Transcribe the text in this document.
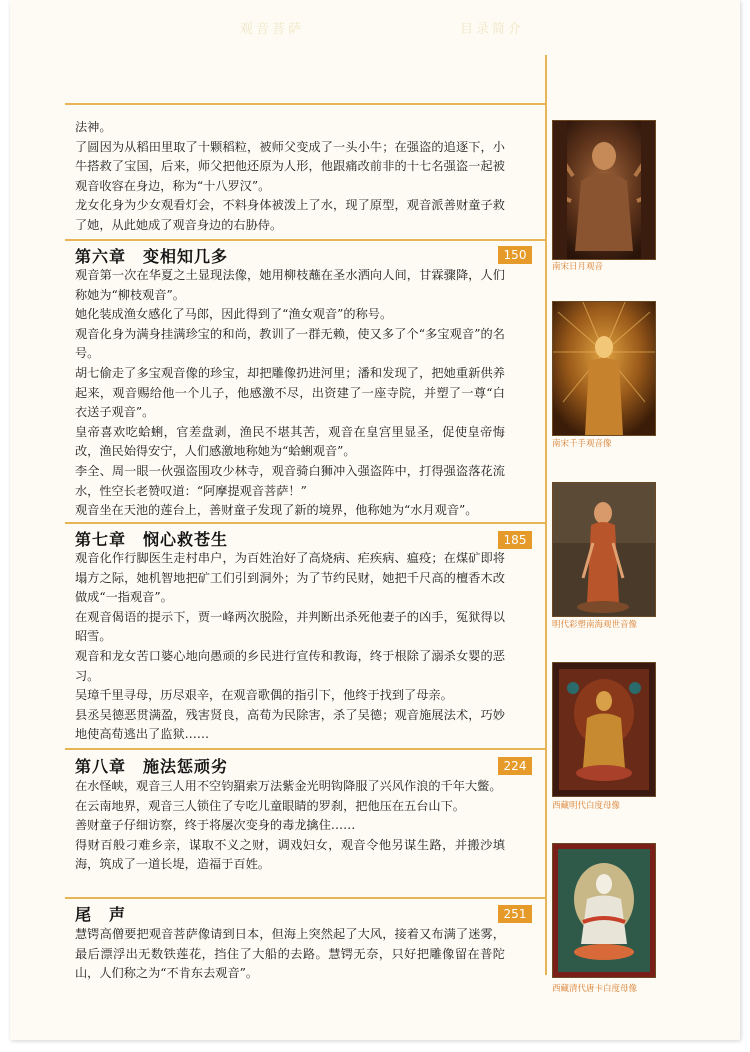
观音菩萨	目录简介

法神。

了圆因为从稻田里取了十颗稻粒，被师父变成了一头小牛；在强盗的追逐下，小牛搭救了宝国，后来，师父把他还原为人形，他跟痛改前非的十七名强盗一起被观音收容在身边，称为“十八罗汉”。

龙女化身为少女观看灯会，不料身体被泼上了水，现了原型，观音派善财童子救了她，从此她成了观音身边的右胁侍。

第六章　变相知几多	150

观音第一次在华夏之土显现法像，她用柳枝蘸在圣水洒向人间，甘霖骤降，人们称她为“柳枝观音”。

她化装成渔女感化了马郎，因此得到了“渔女观音”的称号。

观音化身为满身挂满珍宝的和尚，教训了一群无赖，使又多了个“多宝观音”的名号。

胡七偷走了多宝观音像的珍宝，却把雕像扔进河里；潘和发现了，把她重新供养起来，观音赐给他一个儿子，他感激不尽，出资建了一座寺院，并塑了一尊“白衣送子观音”。

皇帝喜欢吃蛤蜊，官差盘剥，渔民不堪其苦，观音在皇宫里显圣，促使皇帝悔改，渔民始得安宁，人们感激地称她为“蛤蜊观音”。

李全、周一眼一伙强盗围攻少林寺，观音骑白狮冲入强盗阵中，打得强盗落花流水，性空长老赞叹道：“阿摩提观音菩萨！”

观音坐在天池的莲台上，善财童子发现了新的境界，他称她为“水月观音”。

第七章　悯心救苍生	185

观音化作行脚医生走村串户，为百姓治好了高烧病、疟疾病、瘟疫；在煤矿即将塌方之际，她机智地把矿工们引到洞外；为了节约民财，她把千尺高的檀香木改做成“一指观音”。

在观音偈语的提示下，贾一峰两次脱险，并判断出杀死他妻子的凶手，冤狱得以昭雪。

观音和龙女苦口婆心地向愚顽的乡民进行宣传和教诲，终于根除了溺杀女婴的恶习。

吴璋千里寻母，历尽艰辛，在观音歌偶的指引下，他终于找到了母亲。

县丞吴德恶贯满盈，残害贤良，高荀为民除害，杀了吴德；观音施展法术，巧妙地使高荀逃出了监狱……

第八章　施法惩顽劣	224

在水怪峡，观音三人用不空钧羂索万法紫金光明钩降服了兴风作浪的千年大鳖。

在云南地界，观音三人锁住了专吃儿童眼睛的罗刹，把他压在五台山下。

善财童子仔细访察，终于将屡次变身的毒龙擒住……

得财百般刁难乡亲，谋取不义之财，调戏妇女，观音令他另谋生路，并搬沙填海，筑成了一道长堤，造福于百姓。

尾　声	251

慧锷高僧要把观音菩萨像请到日本，但海上突然起了大风，接着又布满了迷雾，最后漂浮出无数铁莲花，挡住了大船的去路。慧锷无奈，只好把雕像留在普陀山，人们称之为“不肯东去观音”。

南宋日月观音
南宋千手观音像
明代彩塑南海观世音像
西藏明代白度母像
西藏清代唐卡白度母像
